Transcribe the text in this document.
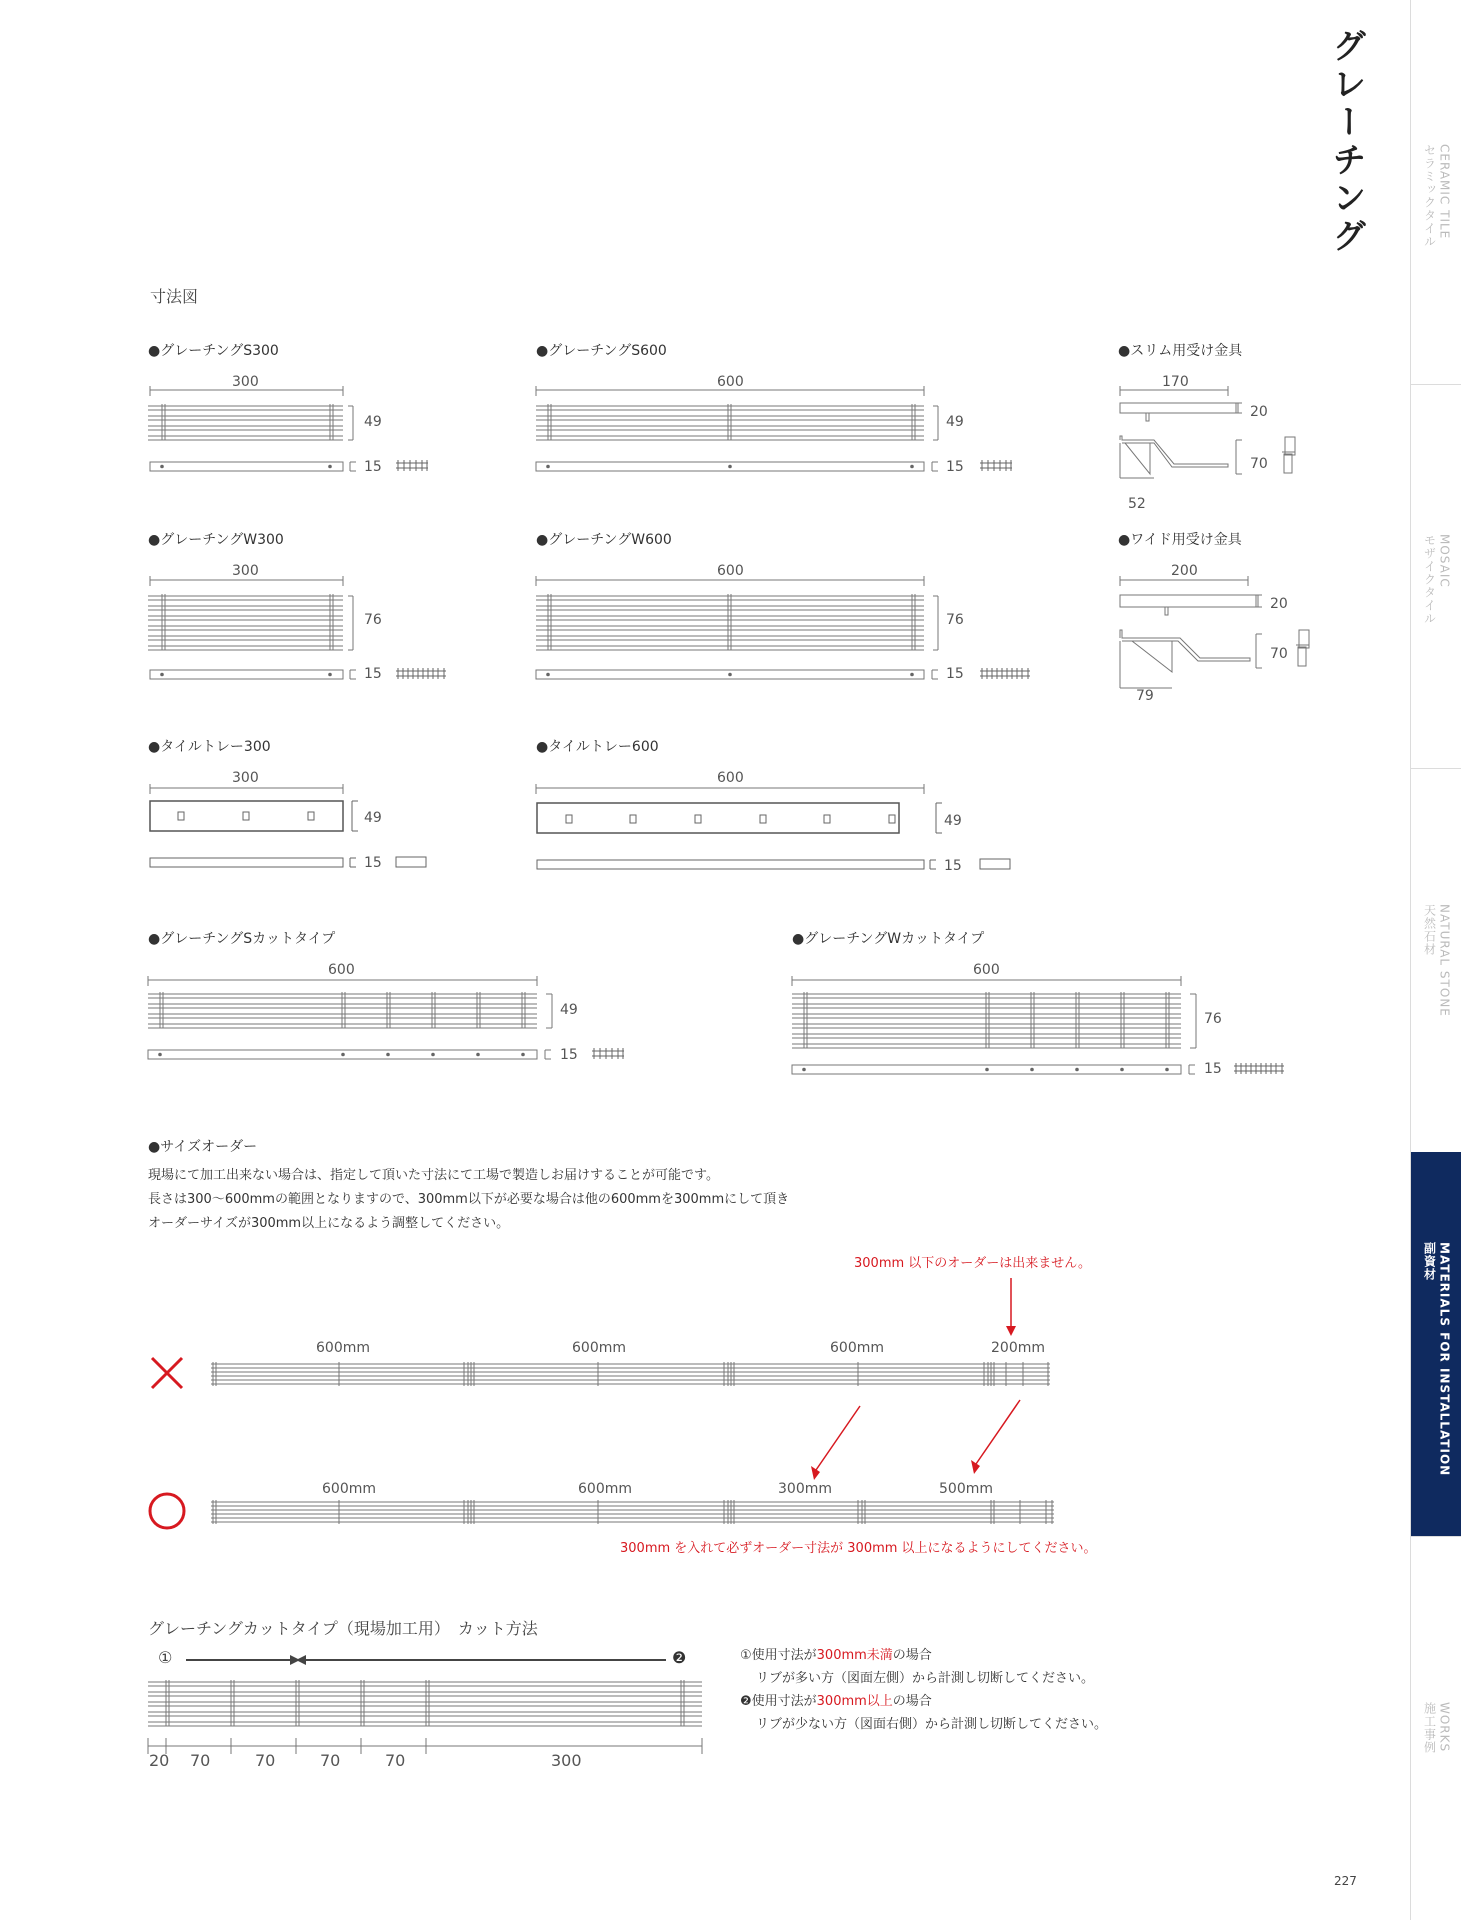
グレーチング
寸法図
●グレーチングS300	●グレーチングS600	●スリム用受け金具
300
49
15
600
49
15
170
20
70
52
●グレーチングW300	●グレーチングW600	●ワイド用受け金具
300
76
15
600
76
15
200
20
70
79
●タイルトレー300	●タイルトレー600
300
49
15
600
49
15
●グレーチングSカットタイプ	●グレーチングWカットタイプ
600
49
15
600
76
15
●サイズオーダー
現場にて加工出来ない場合は、指定して頂いた寸法にて工場で製造しお届けすることが可能です。
長さは300〜600mmの範囲となりますので、300mm以下が必要な場合は他の600mmを300mmにして頂き
オーダーサイズが300mm以上になるよう調整してください。
300mm 以下のオーダーは出来ません。
600mm	600mm	600mm	200mm
600mm	600mm	300mm	500mm
300mm を入れて必ずオーダー寸法が 300mm 以上になるようにしてください。
グレーチングカットタイプ（現場加工用）　カット方法
①	❷
20 70	70	70	70	300
①使用寸法が300mm未満の場合
リブが多い方（図面左側）から計測し切断してください。
❷使用寸法が300mm以上の場合
リブが少ない方（図面右側）から計測し切断してください。
CERAMIC TILE
セラミックタイル
MOSAIC
モザイクタイル
NATURAL STONE
天然石材
MATERIALS FOR INSTALLATION
副資材
WORKS
施工事例
227
